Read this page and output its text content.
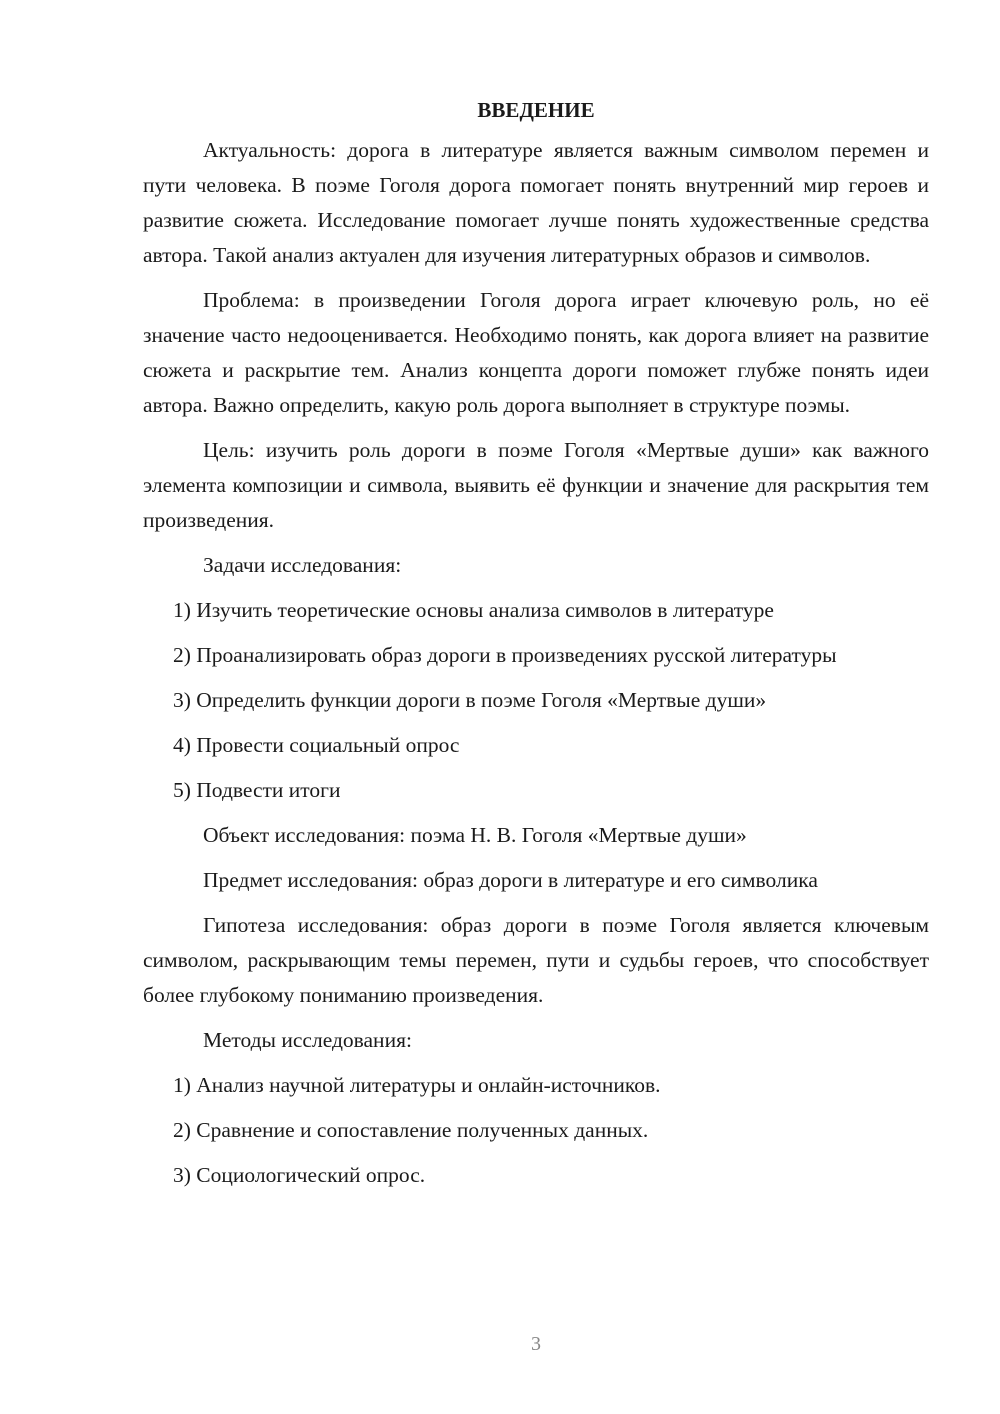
ВВЕДЕНИЕ

Актуальность: дорога в литературе является важным символом перемен и пути человека. В поэме Гоголя дорога помогает понять внутренний мир героев и развитие сюжета. Исследование помогает лучше понять художественные средства автора. Такой анализ актуален для изучения литературных образов и символов.

Проблема: в произведении Гоголя дорога играет ключевую роль, но её значение часто недооценивается. Необходимо понять, как дорога влияет на развитие сюжета и раскрытие тем. Анализ концепта дороги поможет глубже понять идеи автора. Важно определить, какую роль дорога выполняет в структуре поэмы.

Цель: изучить роль дороги в поэме Гоголя «Мертвые души» как важного элемента композиции и символа, выявить её функции и значение для раскрытия тем произведения.

Задачи исследования:

1) Изучить теоретические основы анализа символов в литературе

2) Проанализировать образ дороги в произведениях русской литературы

3) Определить функции дороги в поэме Гоголя «Мертвые души»

4) Провести социальный опрос

5) Подвести итоги

Объект исследования: поэма Н. В. Гоголя «Мертвые души»

Предмет исследования: образ дороги в литературе и его символика

Гипотеза исследования: образ дороги в поэме Гоголя является ключевым символом, раскрывающим темы перемен, пути и судьбы героев, что способствует более глубокому пониманию произведения.

Методы исследования:

1) Анализ научной литературы и онлайн-источников.

2) Сравнение и сопоставление полученных данных.

3) Социологический опрос.

3
